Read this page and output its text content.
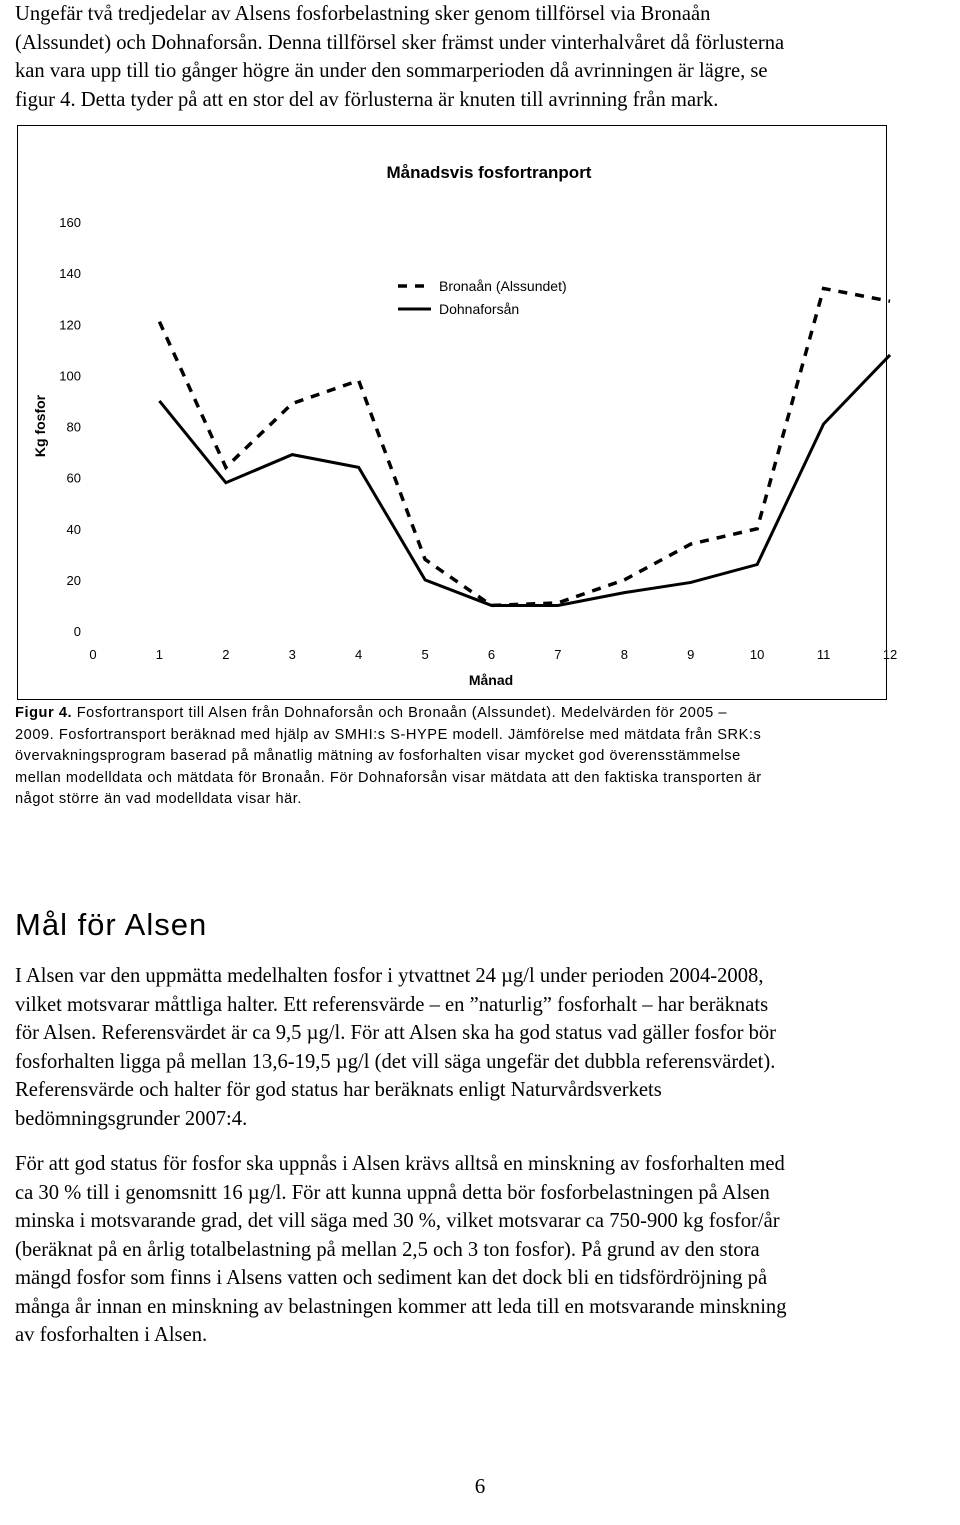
Ungefär två tredjedelar av Alsens fosforbelastning sker genom tillförsel via Bronaån
(Alssundet) och Dohnaforsån. Denna tillförsel sker främst under vinterhalvåret då förlusterna
kan vara upp till tio gånger högre än under den sommarperioden då avrinningen är lägre, se
figur 4. Detta tyder på att en stor del av förlusterna är knuten till avrinning från mark.
Månadsvis fosfortranport
Kg fosfor
Månad
0
20
40
60
80
100
120
140
160
0	1	2	3	4	5	6	7	8	9	10	11	12
Bronaån (Alssundet)
Dohnaforsån
Figur 4. Fosfortransport till Alsen från Dohnaforsån och Bronaån (Alssundet). Medelvärden för 2005 –
2009. Fosfortransport beräknad med hjälp av SMHI:s S-HYPE modell. Jämförelse med mätdata från SRK:s
övervakningsprogram baserad på månatlig mätning av fosforhalten visar mycket god överensstämmelse
mellan modelldata och mätdata för Bronaån. För Dohnaforsån visar mätdata att den faktiska transporten är
något större än vad modelldata visar här.
Mål för Alsen
I Alsen var den uppmätta medelhalten fosfor i ytvattnet 24 µg/l under perioden 2004-2008,
vilket motsvarar måttliga halter. Ett referensvärde – en ”naturlig” fosforhalt – har beräknats
för Alsen. Referensvärdet är ca 9,5 µg/l. För att Alsen ska ha god status vad gäller fosfor bör
fosforhalten ligga på mellan 13,6-19,5 µg/l (det vill säga ungefär det dubbla referensvärdet).
Referensvärde och halter för god status har beräknats enligt Naturvårdsverkets
bedömningsgrunder 2007:4.
För att god status för fosfor ska uppnås i Alsen krävs alltså en minskning av fosforhalten med
ca 30 % till i genomsnitt 16 µg/l. För att kunna uppnå detta bör fosforbelastningen på Alsen
minska i motsvarande grad, det vill säga med 30 %, vilket motsvarar ca 750-900 kg fosfor/år
(beräknat på en årlig totalbelastning på mellan 2,5 och 3 ton fosfor). På grund av den stora
mängd fosfor som finns i Alsens vatten och sediment kan det dock bli en tidsfördröjning på
många år innan en minskning av belastningen kommer att leda till en motsvarande minskning
av fosforhalten i Alsen.
6
